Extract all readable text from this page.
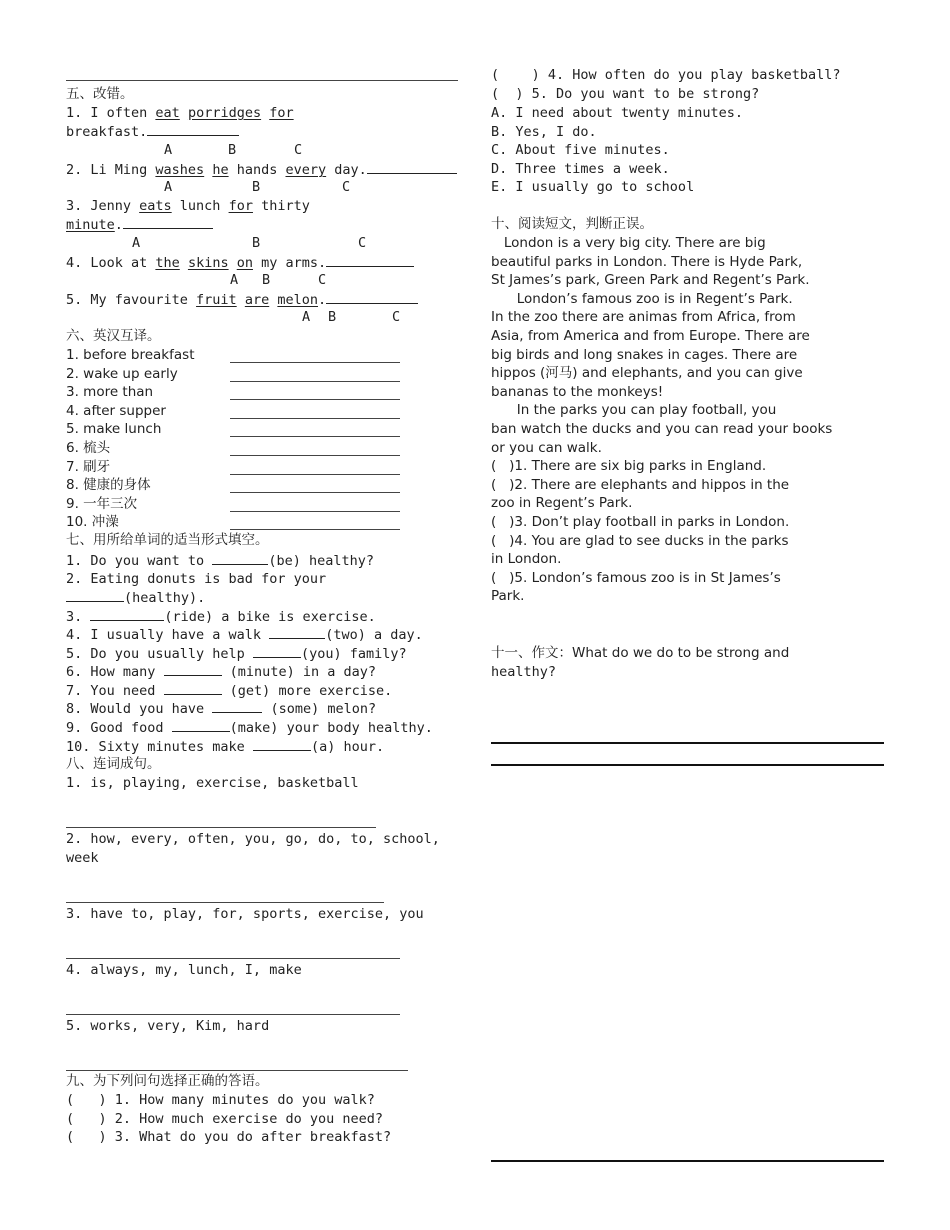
五、改错。
1. I often eat porridges for
breakfast.
A	B	C
2. Li Ming washes he hands every day.
A	B	C
3. Jenny eats lunch for thirty
minute.
A	B	C
4. Look at the skins on my arms.
A B	C
5. My favourite fruit are melon.
A B	C
六、英汉互译。
1. before breakfast
2. wake up early
3. more than
4. after supper
5. make lunch
6. 梳头
7. 刷牙
8. 健康的身体
9. 一年三次
10. 冲澡
七、用所给单词的适当形式填空。
1. Do you want to	(be) healthy?
2. Eating donuts is bad for your
(healthy).
3.	(ride) a bike is exercise.
4. I usually have a walk	(two) a day.
5. Do you usually help	(you) family?
6. How many	(minute) in a day?
7. You need	(get) more exercise.
8. Would you have	(some) melon?
9. Good food	(make) your body healthy.
10. Sixty minutes make	(a) hour.
八、连词成句。
1. is, playing, exercise, basketball
2. how, every, often, you, go, do, to, school,
week
3. have to, play, for, sports, exercise, you
4. always, my, lunch, I, make
5. works, very, Kim, hard
九、为下列问句选择正确的答语。
(   ) 1. How many minutes do you walk?
(   ) 2. How much exercise do you need?
(   ) 3. What do you do after breakfast?
(    ) 4. How often do you play basketball?
(  ) 5. Do you want to be strong?
A. I need about twenty minutes.
B. Yes, I do.
C. About five minutes.
D. Three times a week.
E. I usually go to school
十、阅读短文，判断正误。
London is a very big city. There are big
beautiful parks in London. There is Hyde Park,
St James’s park, Green Park and Regent’s Park.
London’s famous zoo is in Regent’s Park.
In the zoo there are animas from Africa, from
Asia, from America and from Europe. There are
big birds and long snakes in cages. There are
hippos (河马) and elephants, and you can give
bananas to the monkeys!
In the parks you can play football, you
ban watch the ducks and you can read your books
or you can walk.
(   )1. There are six big parks in England.
(   )2. There are elephants and hippos in the
zoo in Regent’s Park.
(   )3. Don’t play football in parks in London.
(   )4. You are glad to see ducks in the parks
in London.
(   )5. London’s famous zoo is in St James’s
Park.
十一、作文：What do we do to be strong and
healthy?
